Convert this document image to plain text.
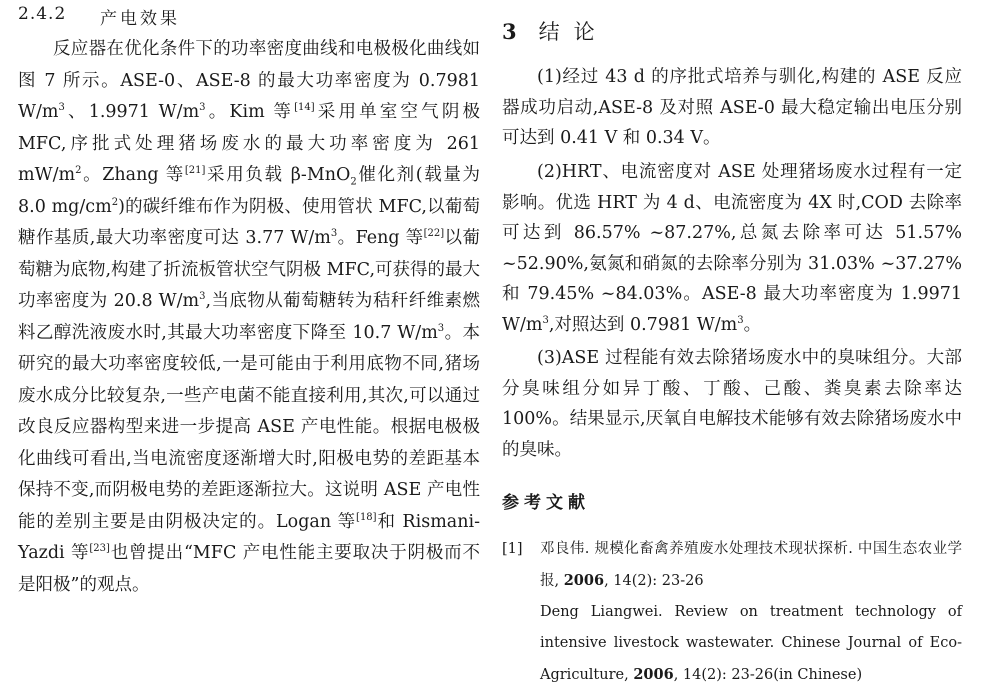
2.4.2 产电效果

反应器在优化条件下的功率密度曲线和电极极化曲线如图 7 所示。ASE-0、ASE-8 的最大功率密度为 0.7981 $W/m^3$、1.9971 $W/m^3$。Kim 等[14]采用单室空气阴极 MFC,序批式处理猪场废水的最大功率密度为 261 $mW/m^2$。Zhang 等[21]采用负载 β-MnO$_2$催化剂(载量为 8.0 $mg/cm^2$)的碳纤维布作为阴极、使用管状 MFC,以葡萄糖作基质,最大功率密度可达 3.77 $W/m^3$。Feng 等[22]以葡萄糖为底物,构建了折流板管状空气阴极 MFC,可获得的最大功率密度为 20.8 $W/m^3$,当底物从葡萄糖转为秸秆纤维素燃料乙醇洗液废水时,其最大功率密度下降至 10.7 $W/m^3$。本研究的最大功率密度较低,一是可能由于利用底物不同,猪场废水成分比较复杂,一些产电菌不能直接利用,其次,可以通过改良反应器构型来进一步提高 ASE 产电性能。根据电极极化曲线可看出,当电流密度逐渐增大时,阳极电势的差距基本保持不变,而阴极电势的差距逐渐拉大。这说明 ASE 产电性能的差别主要是由阴极决定的。Logan 等[18]和 Rismani-Yazdi 等[23]也曾提出“MFC 产电性能主要取决于阴极而不是阳极”的观点。

3 结论

(1)经过 43 d 的序批式培养与驯化,构建的 ASE 反应器成功启动,ASE-8 及对照 ASE-0 最大稳定输出电压分别可达到 0.41 V 和 0.34 V。

(2)HRT、电流密度对 ASE 处理猪场废水过程有一定影响。优选 HRT 为 4 d、电流密度为 4X 时,COD 去除率可达到 86.57% ~87.27%,总氮去除率可达 51.57% ~52.90%,氨氮和硝氮的去除率分别为 31.03% ~37.27% 和 79.45% ~84.03%。ASE-8 最大功率密度为 1.9971 $W/m^3$,对照达到 0.7981 $W/m^3$。

(3)ASE 过程能有效去除猪场废水中的臭味组分。大部分臭味组分如异丁酸、丁酸、己酸、粪臭素去除率达 100%。结果显示,厌氧自电解技术能够有效去除猪场废水中的臭味。

参考文献
[1] 邓良伟. 规模化畜禽养殖废水处理技术现状探析. 中国生态农业学报, 2006, 14(2): 23-26
Deng Liangwei. Review on treatment technology of intensive livestock wastewater. Chinese Journal of Eco-Agriculture, 2006, 14(2): 23-26(in Chinese)
